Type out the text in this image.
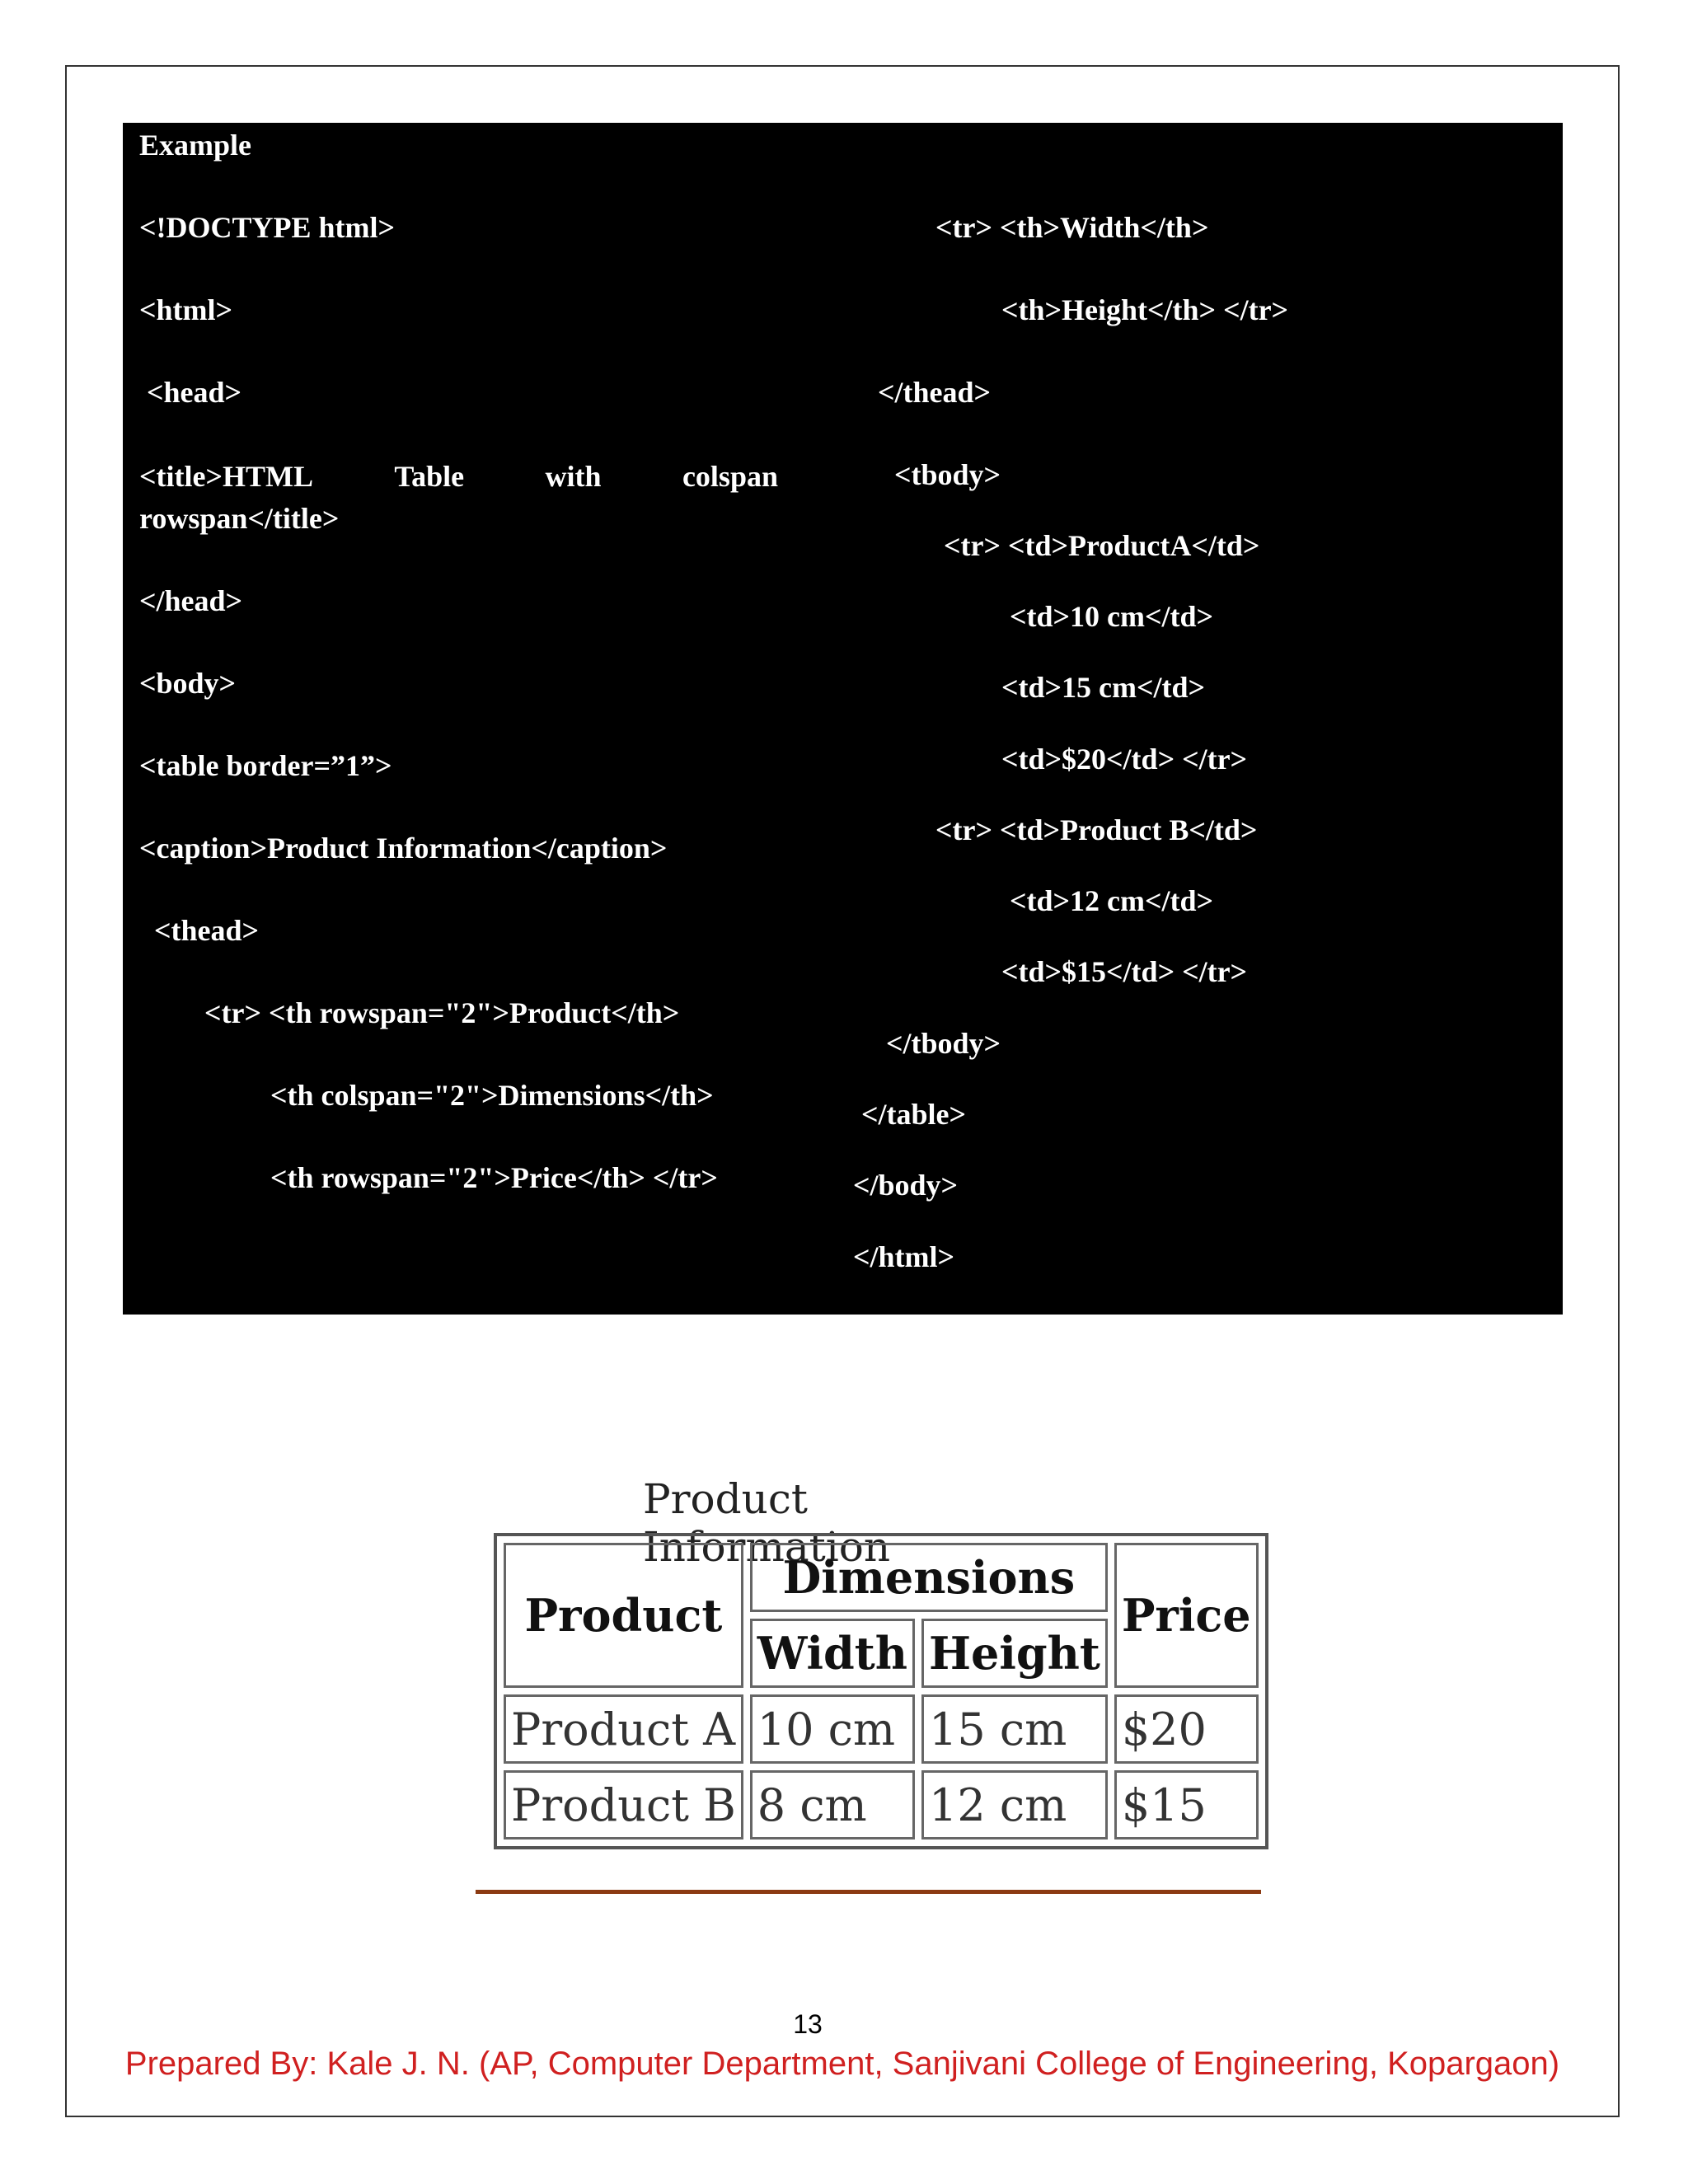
Example
<!DOCTYPE html>
<html>
<head>
<title>HTML	Table	with	colspan
rowspan</title>
</head>
<body>
<table border=”1”>
<caption>Product Information</caption>
<thead>
<tr> <th rowspan="2">Product</th>
<th colspan="2">Dimensions</th>
<th rowspan="2">Price</th> </tr>
<tr> <th>Width</th>
<th>Height</th> </tr>
</thead>
<tbody>
<tr> <td>ProductA</td>
<td>10 cm</td>
<td>15 cm</td>
<td>$20</td> </tr>
<tr> <td>Product B</td>
<td>12 cm</td>
<td>$15</td> </tr>
</tbody>
</table>
</body>
</html>
Product Information
Product	Dimensions		Price
	Width	Height	
Product A	10 cm	15 cm	$20
Product B	8 cm	12 cm	$15
13
Prepared By: Kale J. N. (AP, Computer Department, Sanjivani College of Engineering, Kopargaon)
